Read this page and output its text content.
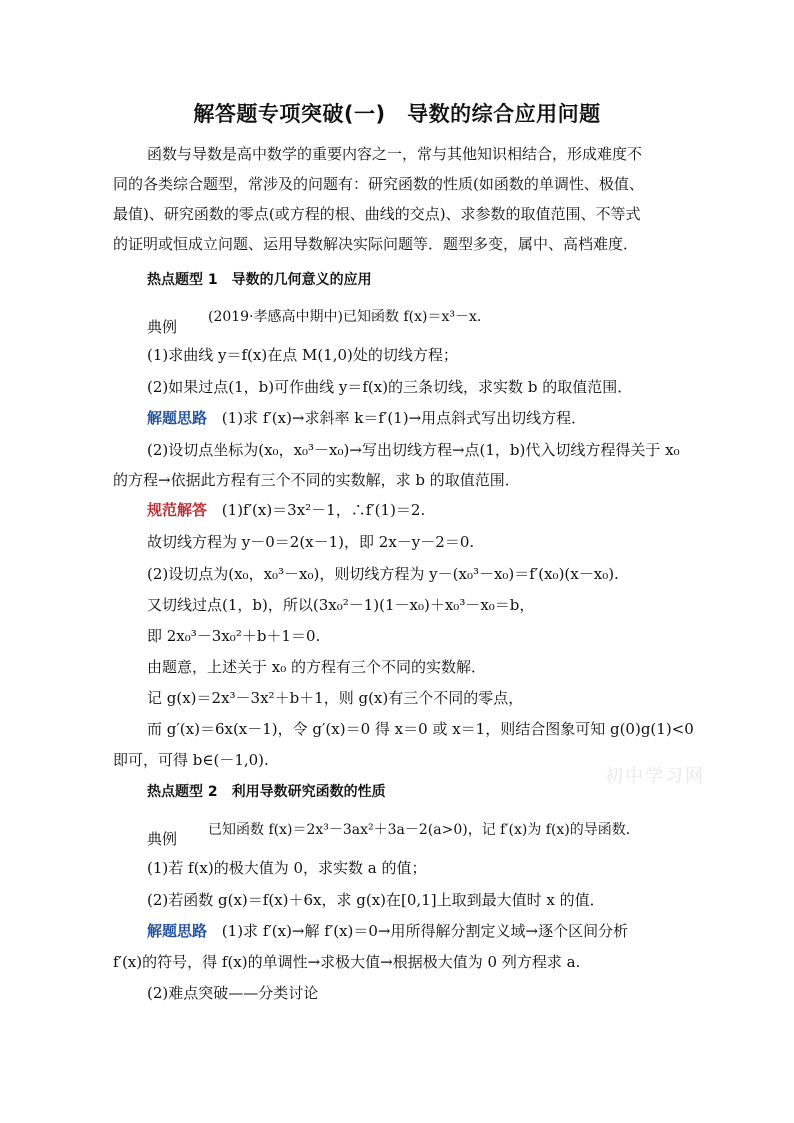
解答题专项突破(一)　导数的综合应用问题
函数与导数是高中数学的重要内容之一，常与其他知识相结合，形成难度不
同的各类综合题型，常涉及的问题有：研究函数的性质(如函数的单调性、极值、
最值)、研究函数的零点(或方程的根、曲线的交点)、求参数的取值范围、不等式
的证明或恒成立问题、运用导数解决实际问题等．题型多变，属中、高档难度．
热点题型 1　导数的几何意义的应用
(2019·孝感高中期中)已知函数 f(x)＝x³－x.
典例
(1)求曲线 y＝f(x)在点 M(1,0)处的切线方程；
(2)如果过点(1，b)可作曲线 y＝f(x)的三条切线，求实数 b 的取值范围．
解题思路 (1)求 f′(x)→求斜率 k＝f′(1)→用点斜式写出切线方程．
(2)设切点坐标为(x₀，x₀³－x₀)→写出切线方程→点(1，b)代入切线方程得关于 x₀
的方程→依据此方程有三个不同的实数解，求 b 的取值范围．
规范解答 (1)f′(x)＝3x²－1，∴f′(1)＝2.
故切线方程为 y－0＝2(x－1)，即 2x－y－2＝0.
(2)设切点为(x₀，x₀³－x₀)，则切线方程为 y－(x₀³－x₀)＝f′(x₀)(x－x₀).
又切线过点(1，b)，所以(3x₀²－1)(1－x₀)＋x₀³－x₀＝b，
即 2x₀³－3x₀²＋b＋1＝0.
由题意，上述关于 x₀ 的方程有三个不同的实数解．
记 g(x)＝2x³－3x²＋b＋1，则 g(x)有三个不同的零点，
而 g′(x)＝6x(x－1)，令 g′(x)＝0 得 x＝0 或 x＝1，则结合图象可知 g(0)g(1)<0
即可，可得 b∈(－1,0).
初中学习网
热点题型 2　利用导数研究函数的性质
已知函数 f(x)＝2x³－3ax²＋3a－2(a>0)，记 f′(x)为 f(x)的导函数．
典例
(1)若 f(x)的极大值为 0，求实数 a 的值；
(2)若函数 g(x)＝f(x)＋6x，求 g(x)在[0,1]上取到最大值时 x 的值．
解题思路 (1)求 f′(x)→解 f′(x)＝0→用所得解分割定义域→逐个区间分析
f′(x)的符号，得 f(x)的单调性→求极大值→根据极大值为 0 列方程求 a.
(2)难点突破——分类讨论
